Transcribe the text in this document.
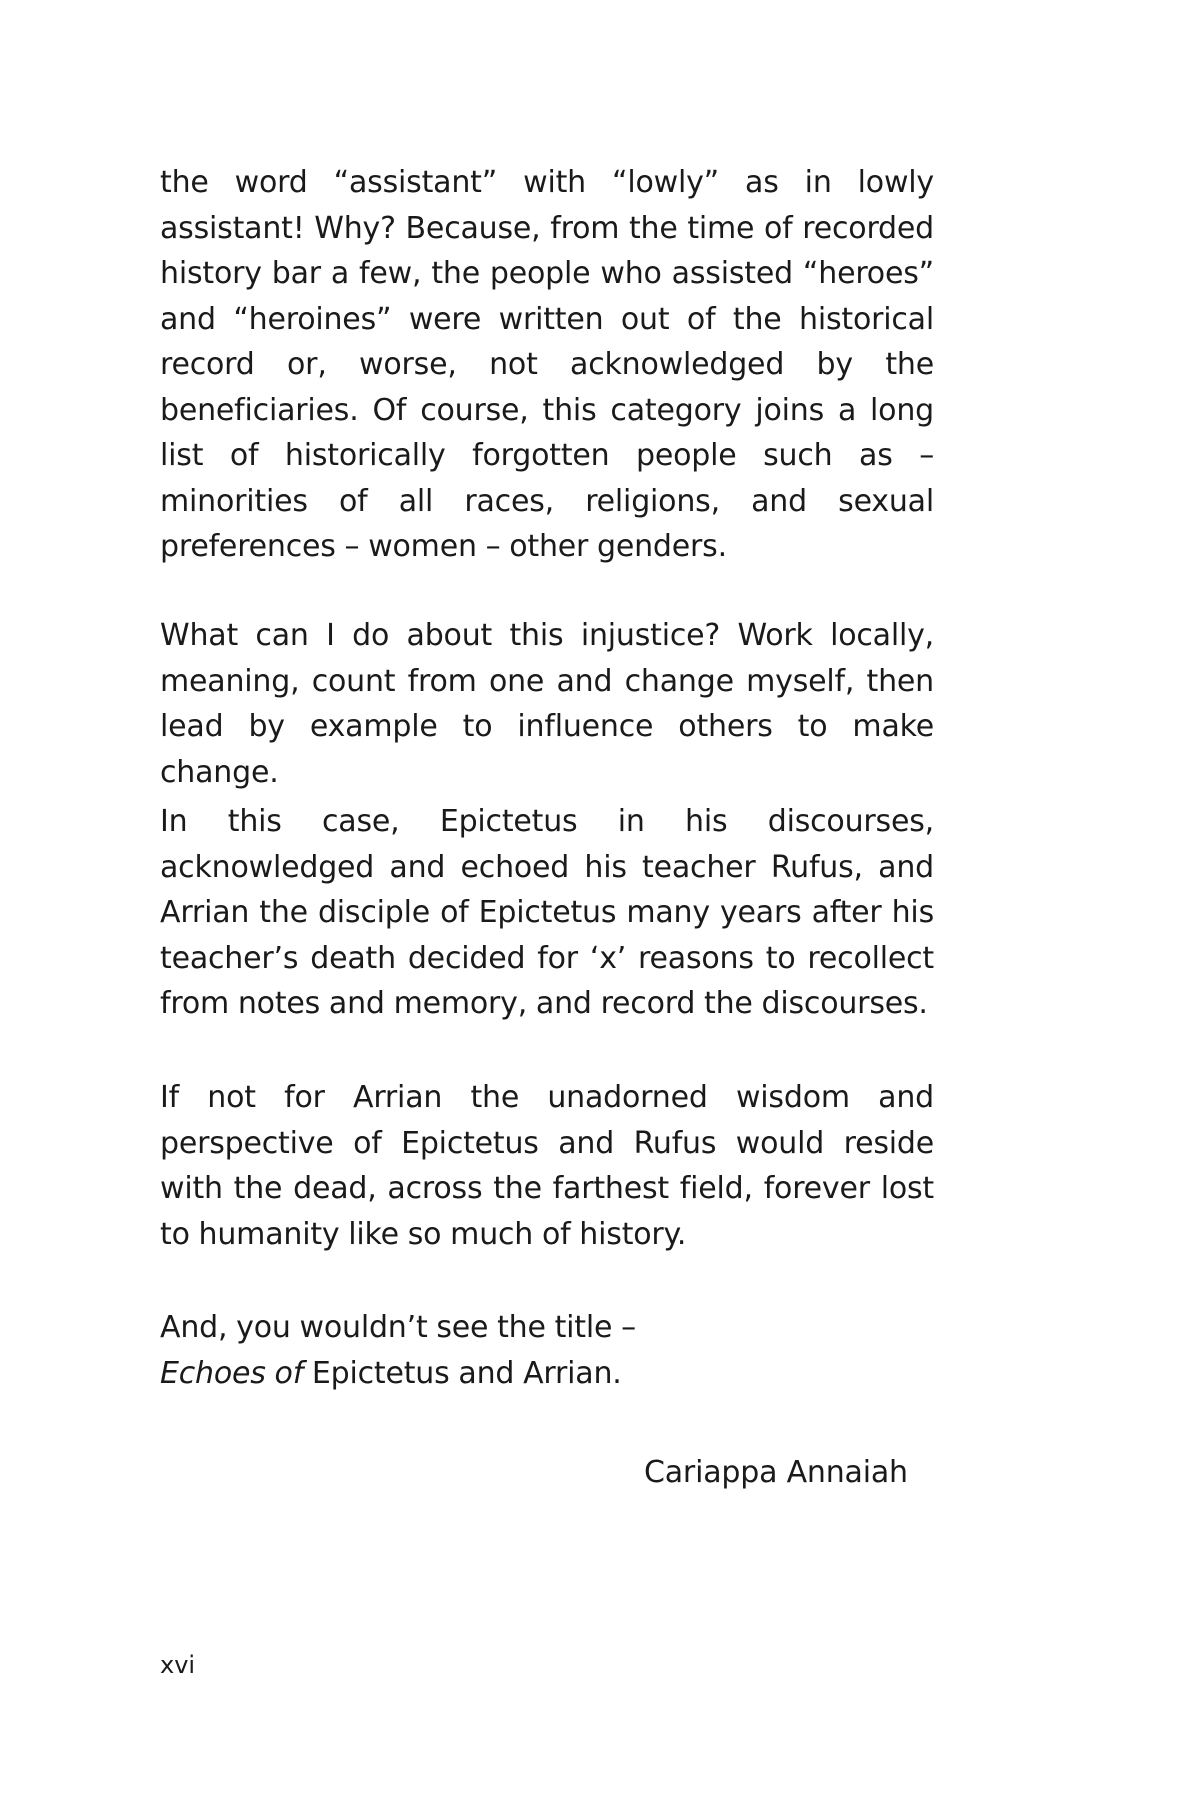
the word “assistant” with “lowly” as in lowly assistant! Why? Because, from the time of recorded history bar a few, the people who assisted “heroes” and “heroines” were written out of the historical record or, worse, not acknowledged by the beneficiaries. Of course, this category joins a long list of historically forgotten people such as – minorities of all races, religions, and sexual preferences – women – other genders.

What can I do about this injustice? Work locally, meaning, count from one and change myself, then lead by example to influence others to make change.

In this case, Epictetus in his discourses, acknowledged and echoed his teacher Rufus, and Arrian the disciple of Epictetus many years after his teacher’s death decided for ‘x’ reasons to recollect from notes and memory, and record the discourses.

If not for Arrian the unadorned wisdom and perspective of Epictetus and Rufus would reside with the dead, across the farthest field, forever lost to humanity like so much of history.

And, you wouldn’t see the title –
Echoes of Epictetus and Arrian.

Cariappa Annaiah

xvi
